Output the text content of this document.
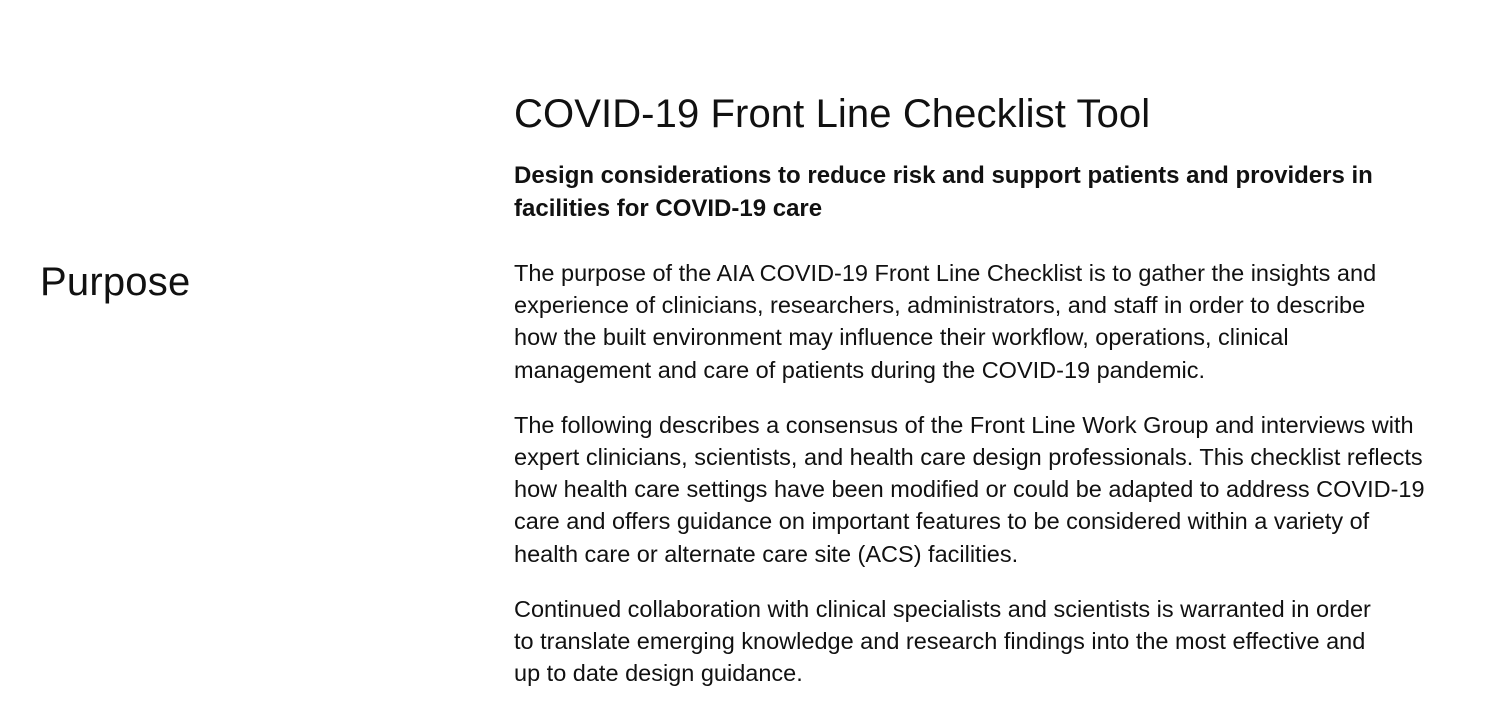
Purpose
COVID-19 Front Line Checklist Tool

Design considerations to reduce risk and support patients and providers in facilities for COVID-19 care

The purpose of the AIA COVID-19 Front Line Checklist is to gather the insights and experience of clinicians, researchers, administrators, and staff in order to describe how the built environment may influence their workflow, operations, clinical management and care of patients during the COVID-19 pandemic.

The following describes a consensus of the Front Line Work Group and interviews with expert clinicians, scientists, and health care design professionals. This checklist reflects how health care settings have been modified or could be adapted to address COVID-19 care and offers guidance on important features to be considered within a variety of health care or alternate care site (ACS) facilities.

Continued collaboration with clinical specialists and scientists is warranted in order to translate emerging knowledge and research findings into the most effective and up to date design guidance.
